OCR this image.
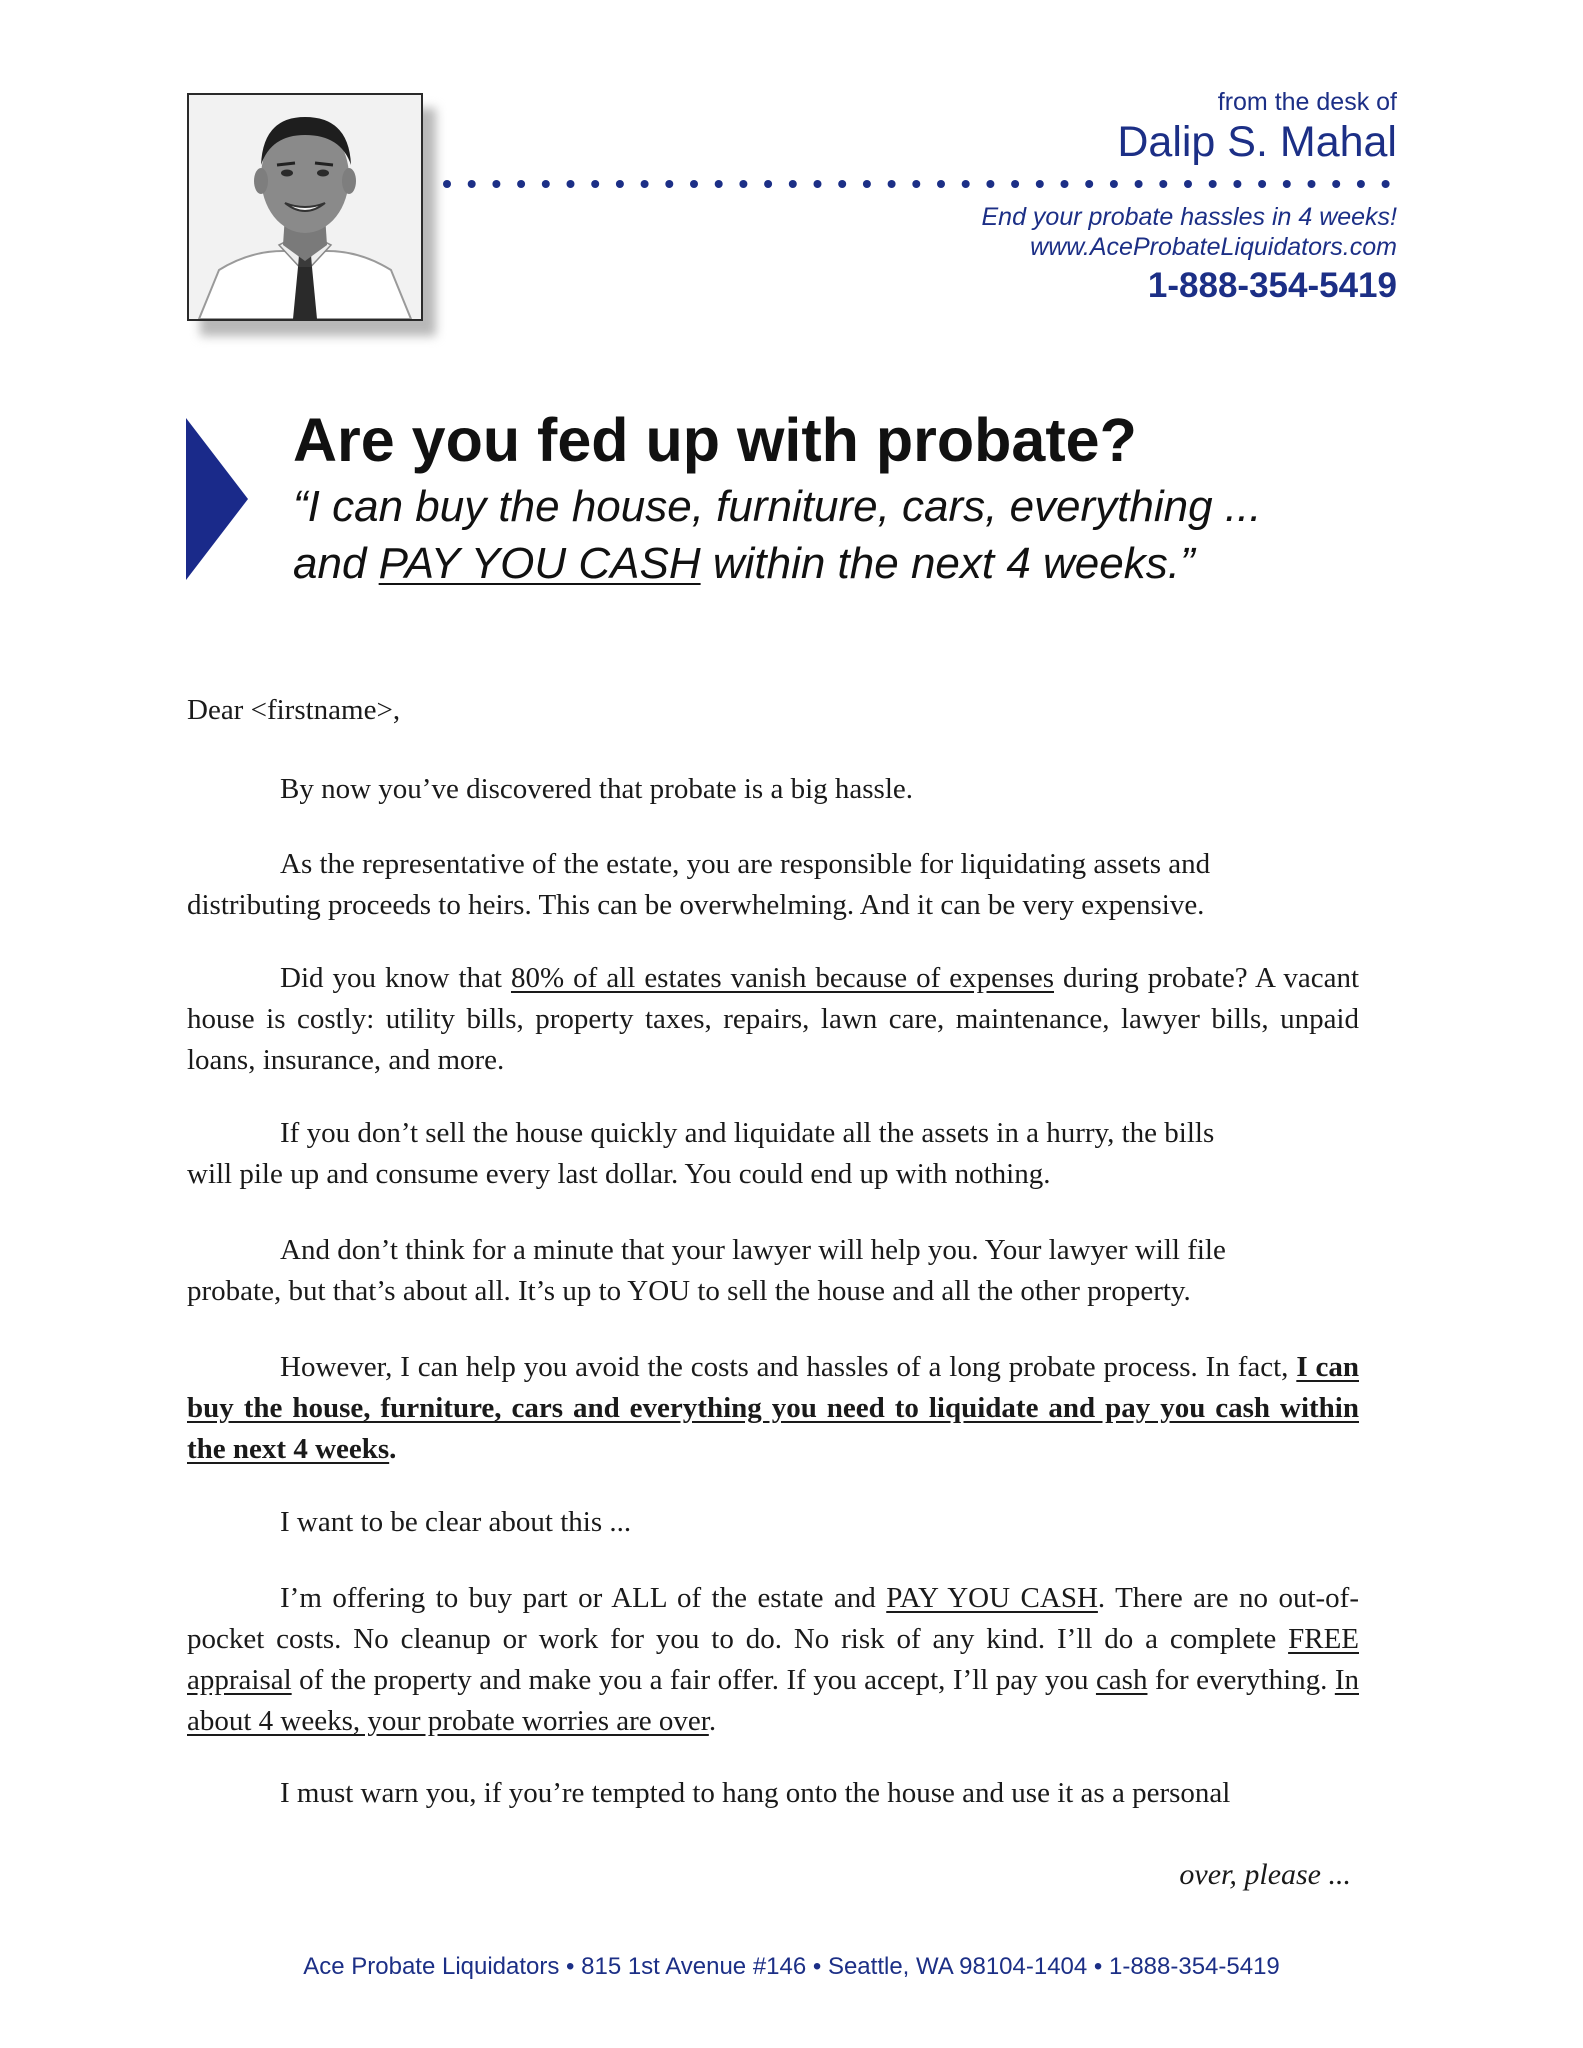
from the desk of
Dalip S. Mahal
End your probate hassles in 4 weeks!
www.AceProbateLiquidators.com
1-888-354-5419
Are you fed up with probate?
“I can buy the house, furniture, cars, everything ...
and PAY YOU CASH within the next 4 weeks.”
Dear <firstname>,
By now you’ve discovered that probate is a big hassle.
As the representative of the estate, you are responsible for liquidating assets and
distributing proceeds to heirs. This can be overwhelming. And it can be very expensive.
Did you know that 80% of all estates vanish because of expenses during probate? A vacant house is costly: utility bills, property taxes, repairs, lawn care, maintenance, lawyer bills, unpaid loans, insurance, and more.
If you don’t sell the house quickly and liquidate all the assets in a hurry, the bills
will pile up and consume every last dollar. You could end up with nothing.
And don’t think for a minute that your lawyer will help you. Your lawyer will file
probate, but that’s about all. It’s up to YOU to sell the house and all the other property.
However, I can help you avoid the costs and hassles of a long probate process. In fact, I can buy the house, furniture, cars and everything you need to liquidate and pay you cash within the next 4 weeks.
I want to be clear about this ...
I’m offering to buy part or ALL of the estate and PAY YOU CASH. There are no out-of-pocket costs. No cleanup or work for you to do. No risk of any kind. I’ll do a complete FREE appraisal of the property and make you a fair offer. If you accept, I’ll pay you cash for everything. In about 4 weeks, your probate worries are over.
I must warn you, if you’re tempted to hang onto the house and use it as a personal
over, please ...
Ace Probate Liquidators • 815 1st Avenue #146 • Seattle, WA 98104-1404 • 1-888-354-5419
